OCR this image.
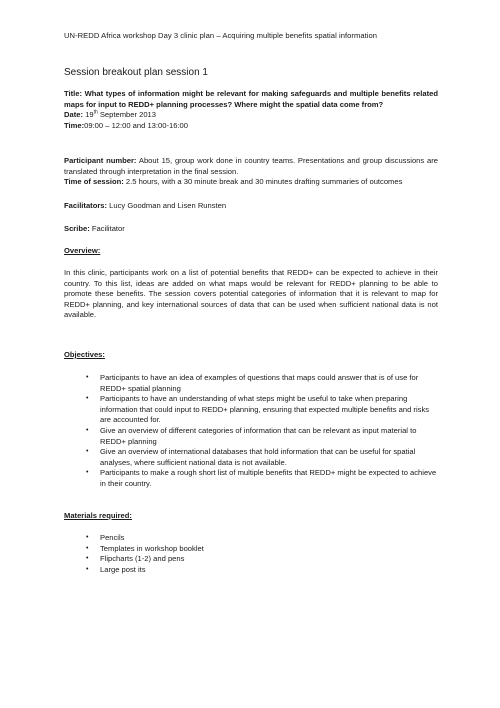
UN-REDD Africa workshop Day 3 clinic plan – Acquiring multiple benefits spatial information
Session breakout plan session 1
Title: What types of information might be relevant for making safeguards and multiple benefits related maps for input to REDD+ planning processes? Where might the spatial data come from?
Date: 19th September 2013
Time:09:00 – 12:00 and 13:00-16:00
Participant number: About 15, group work done in country teams. Presentations and group discussions are translated through interpretation in the final session.
Time of session: 2.5 hours, with a 30 minute break and 30 minutes drafting summaries of outcomes
Facilitators: Lucy Goodman and Lisen Runsten
Scribe: Facilitator
Overview:
In this clinic, participants work on a list of potential benefits that REDD+ can be expected to achieve in their country. To this list, ideas are added on what maps would be relevant for REDD+ planning to be able to promote these benefits. The session covers potential categories of information that it is relevant to map for REDD+ planning, and key international sources of data that can be used when sufficient national data is not available.
Objectives:
• Participants to have an idea of examples of questions that maps could answer that is of use for REDD+ spatial planning
• Participants to have an understanding of what steps might be useful to take when preparing information that could input to REDD+ planning, ensuring that expected multiple benefits and risks are accounted for.
• Give an overview of different categories of information that can be relevant as input material to REDD+ planning
• Give an overview of international databases that hold information that can be useful for spatial analyses, where sufficient national data is not available.
• Participants to make a rough short list of multiple benefits that REDD+ might be expected to achieve in their country.
Materials required:
• Pencils
• Templates in workshop booklet
• Flipcharts (1-2) and pens
• Large post its
